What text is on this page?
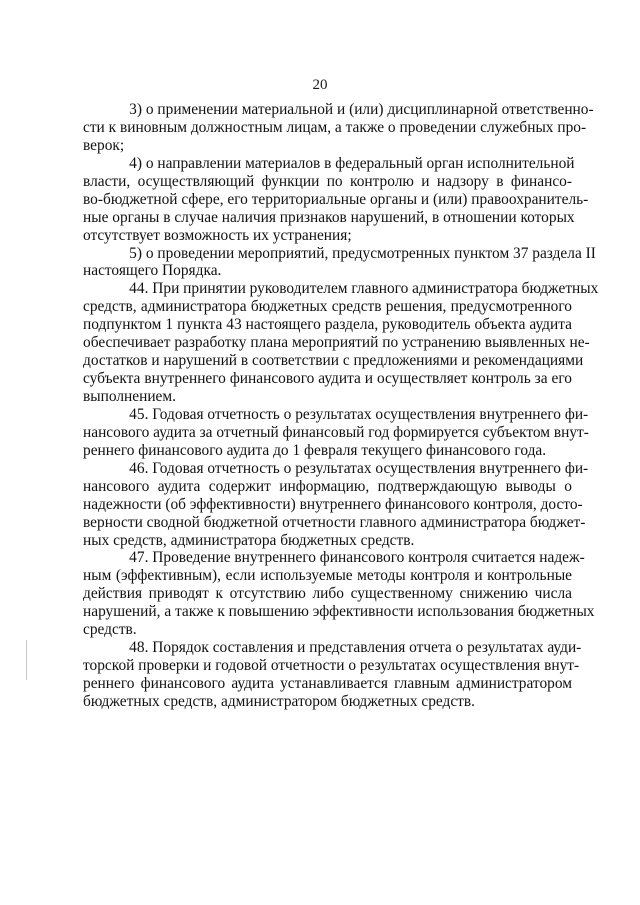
20
3) о применении материальной и (или) дисциплинарной ответственно-
сти к виновным должностным лицам, а также о проведении служебных про-
верок;
4) о направлении материалов в федеральный орган исполнительной
власти, осуществляющий функции по контролю и надзору в финансо-
во-бюджетной сфере, его территориальные органы и (или) правоохранитель-
ные органы в случае наличия признаков нарушений, в отношении которых
отсутствует возможность их устранения;
5) о проведении мероприятий, предусмотренных пунктом 37 раздела II
настоящего Порядка.
44. При принятии руководителем главного администратора бюджетных
средств, администратора бюджетных средств решения, предусмотренного
подпунктом 1 пункта 43 настоящего раздела, руководитель объекта аудита
обеспечивает разработку плана мероприятий по устранению выявленных не-
достатков и нарушений в соответствии с предложениями и рекомендациями
субъекта внутреннего финансового аудита и осуществляет контроль за его
выполнением.
45. Годовая отчетность о результатах осуществления внутреннего фи-
нансового аудита за отчетный финансовый год формируется субъектом внут-
реннего финансового аудита до 1 февраля текущего финансового года.
46. Годовая отчетность о результатах осуществления внутреннего фи-
нансового аудита содержит информацию, подтверждающую выводы о
надежности (об эффективности) внутреннего финансового контроля, досто-
верности сводной бюджетной отчетности главного администратора бюджет-
ных средств, администратора бюджетных средств.
47. Проведение внутреннего финансового контроля считается надеж-
ным (эффективным), если используемые методы контроля и контрольные
действия приводят к отсутствию либо существенному снижению числа
нарушений, а также к повышению эффективности использования бюджетных
средств.
48. Порядок составления и представления отчета о результатах ауди-
торской проверки и годовой отчетности о результатах осуществления внут-
реннего финансового аудита устанавливается главным администратором
бюджетных средств, администратором бюджетных средств.
